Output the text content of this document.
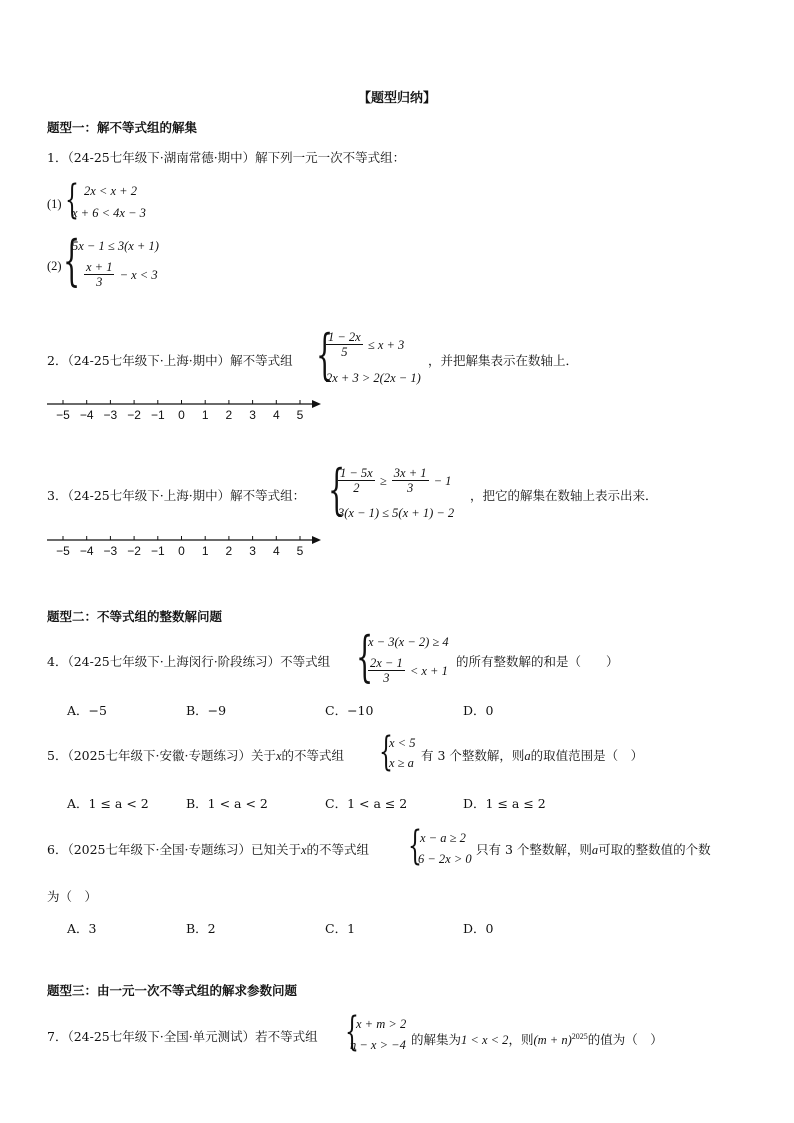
【题型归纳】
题型一：解不等式组的解集
1．（24-25七年级下·湖南常德·期中）解下列一元一次不等式组：
(1) { 2x < x + 2
x + 6 < 4x − 3
(2) {
5x − 1 ≤ 3(x + 1)
$\frac{x + 1}{3} - x < 3$
2．（24-25七年级下·上海·期中）解不等式组 {
$\frac{1 - 2x}{5} \le x + 3$
2x + 3 > 2(2x − 1)
，并把解集表示在数轴上．
−5 −4 −3 −2 −1	0	1	2	3	4	5
3．（24-25七年级下·上海·期中）解不等式组： {
$\frac{1 - 5x}{2} \ge \frac{3x + 1}{3} - 1$
3(x − 1) ≤ 5(x + 1) − 2
，把它的解集在数轴上表示出来．
−5 −4 −3 −2 −1	0	1	2	3	4	5
题型二：不等式组的整数解问题
4．（24-25七年级下·上海闵行·阶段练习）不等式组 {
x − 3(x − 2) ≥ 4
$\frac{2x - 1}{3} < x + 1$
的所有整数解的和是（　　）
A．−5	B．−9	C．−10	D．0
5．（2025七年级下·安徽·专题练习）关于x的不等式组 {
x < 5
x ≥ a 有 3 个整数解，则a的取值范围是（　）
A．1 ≤ a < 2	B．1 < a < 2	C．1 < a ≤ 2	D．1 ≤ a ≤ 2
6．（2025七年级下·全国·专题练习）已知关于x的不等式组 {
x − a ≥ 2
6 − 2x > 0
只有 3 个整数解，则a可取的整数值的个数
为（　）
A．3	B．2	C．1	D．0
题型三：由一元一次不等式组的解求参数问题
7．（24-25七年级下·全国·单元测试）若不等式组 {
x + m > 2
n − x > −4 的解集为1 < x < 2，则$(m + n)^{2025}$的值为（　）
